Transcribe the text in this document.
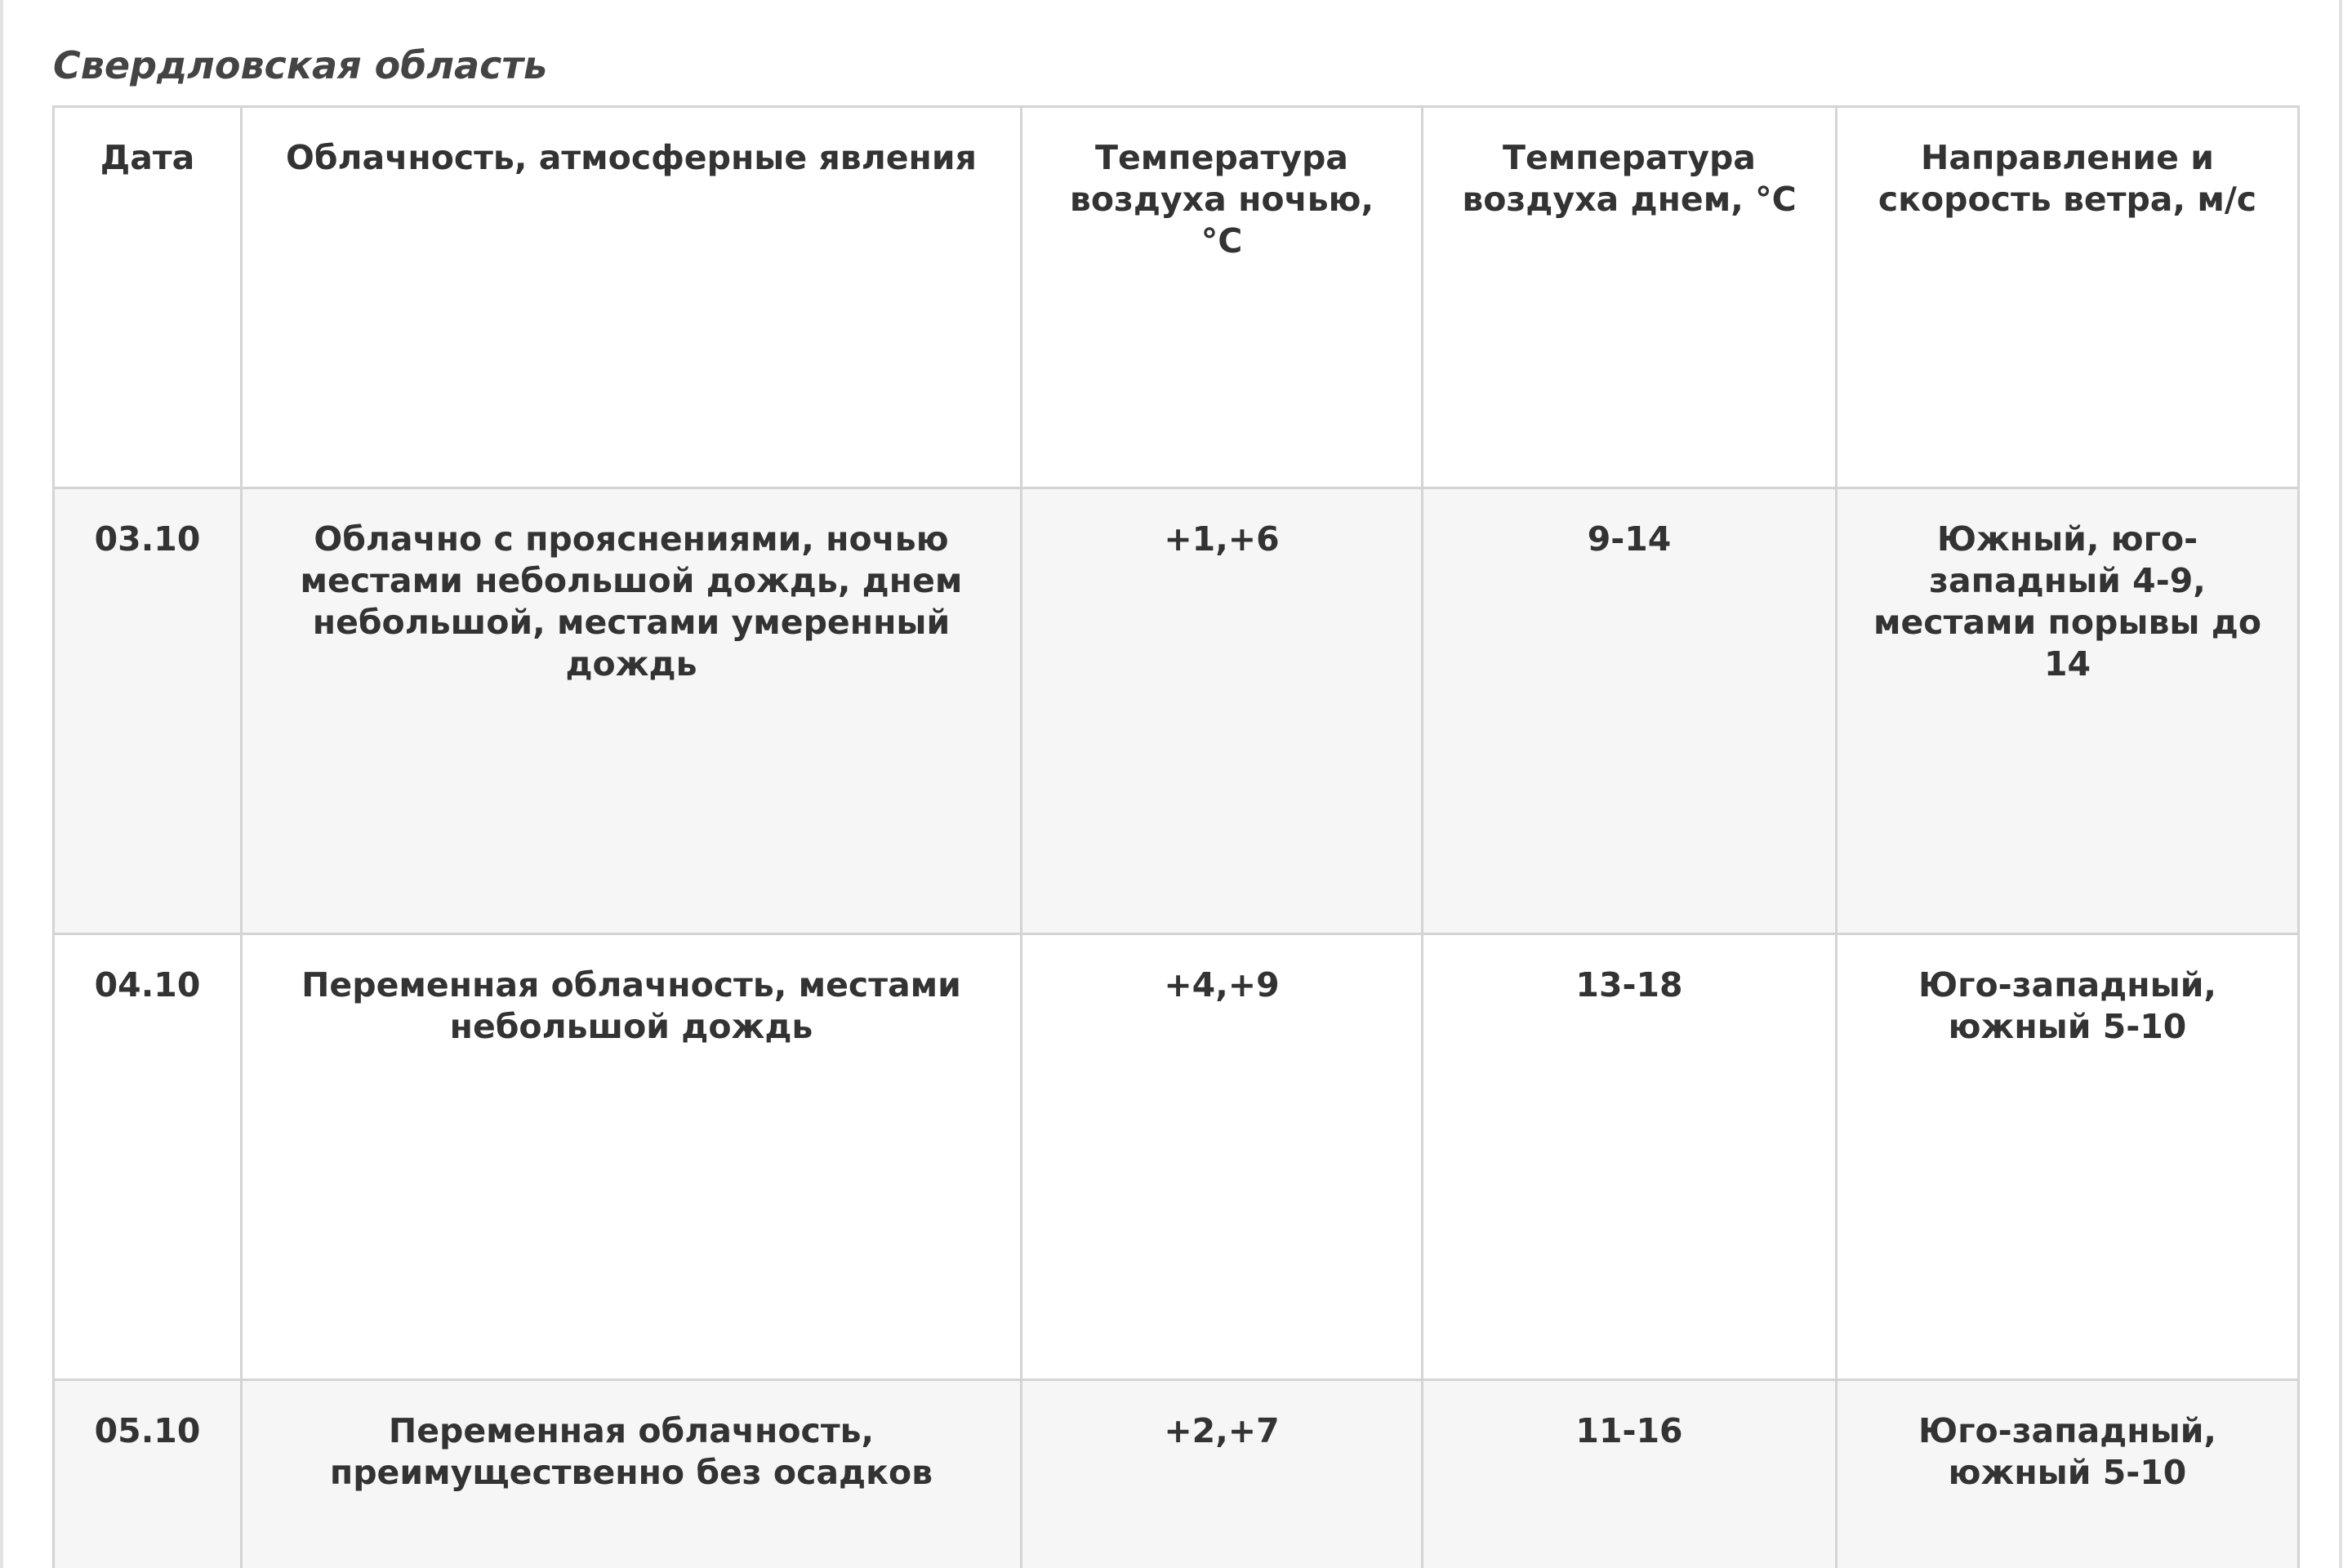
Свердловская область
Дата	Облачность, атмосферные явления	Температура воздуха ночью, °С	Температура воздуха днем, °С	Направление и скорость ветра, м/с
03.10	Облачно с прояснениями, ночью местами небольшой дождь, днем небольшой, местами умеренный дождь	+1,+6	9-14	Южный, юго-западный 4-9, местами порывы до 14
04.10	Переменная облачность, местами небольшой дождь	+4,+9	13-18	Юго-западный, южный 5-10
05.10	Переменная облачность, преимущественно без осадков	+2,+7	11-16	Юго-западный, южный 5-10
